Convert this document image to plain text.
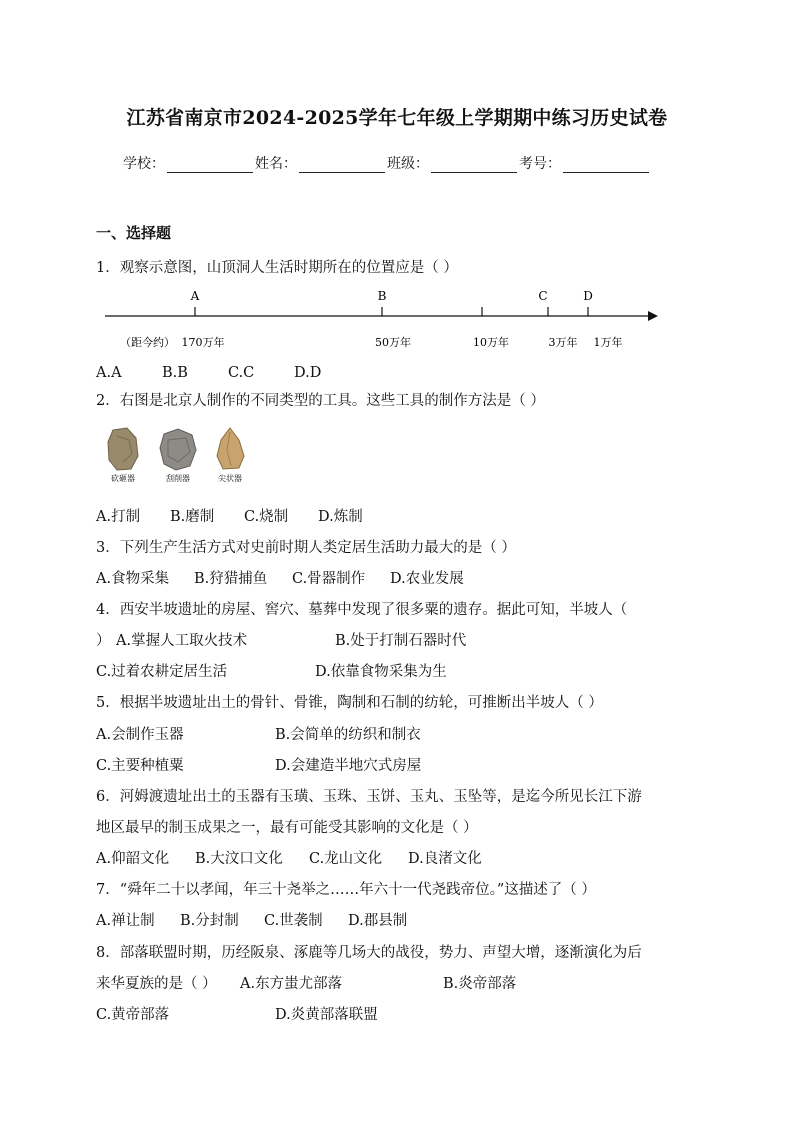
江苏省南京市2024-2025学年七年级上学期期中练习历史试卷
学校：	姓名：	班级：	考号：
一、选择题
1．观察示意图，山顶洞人生活时期所在的位置应是（ ）
A	B	C	D
（距今约） 170万年	50万年	10万年	3万年 1万年
A.A	B.B	C.C	D.D
2．右图是北京人制作的不同类型的工具。这些工具的制作方法是（ ）
砍砸器	刮削器	尖状器
A.打制 B.磨制 C.烧制 D.炼制
3．下列生产生活方式对史前时期人类定居生活助力最大的是（ ）
A.食物采集 B.狩猎捕鱼 C.骨器制作 D.农业发展
4．西安半坡遗址的房屋、窖穴、墓葬中发现了很多粟的遗存。据此可知，半坡人（
） A.掌握人工取火技术	B.处于打制石器时代
C.过着农耕定居生活	D.依靠食物采集为生
5．根据半坡遗址出土的骨针、骨锥，陶制和石制的纺轮，可推断出半坡人（ ）
A.会制作玉器	B.会简单的纺织和制衣
C.主要种植粟	D.会建造半地穴式房屋
6．河姆渡遗址出土的玉器有玉璜、玉珠、玉饼、玉丸、玉坠等，是迄今所见长江下游
地区最早的制玉成果之一，最有可能受其影响的文化是（ ）
A.仰韶文化 B.大汶口文化 C.龙山文化 D.良渚文化
7．“舜年二十以孝闻，年三十尧举之……年六十一代尧践帝位。”这描述了（ ）
A.禅让制 B.分封制 C.世袭制 D.郡县制
8．部落联盟时期，历经阪泉、涿鹿等几场大的战役，势力、声望大增，逐渐演化为后
来华夏族的是（ ） A.东方蚩尤部落	B.炎帝部落
C.黄帝部落	D.炎黄部落联盟
